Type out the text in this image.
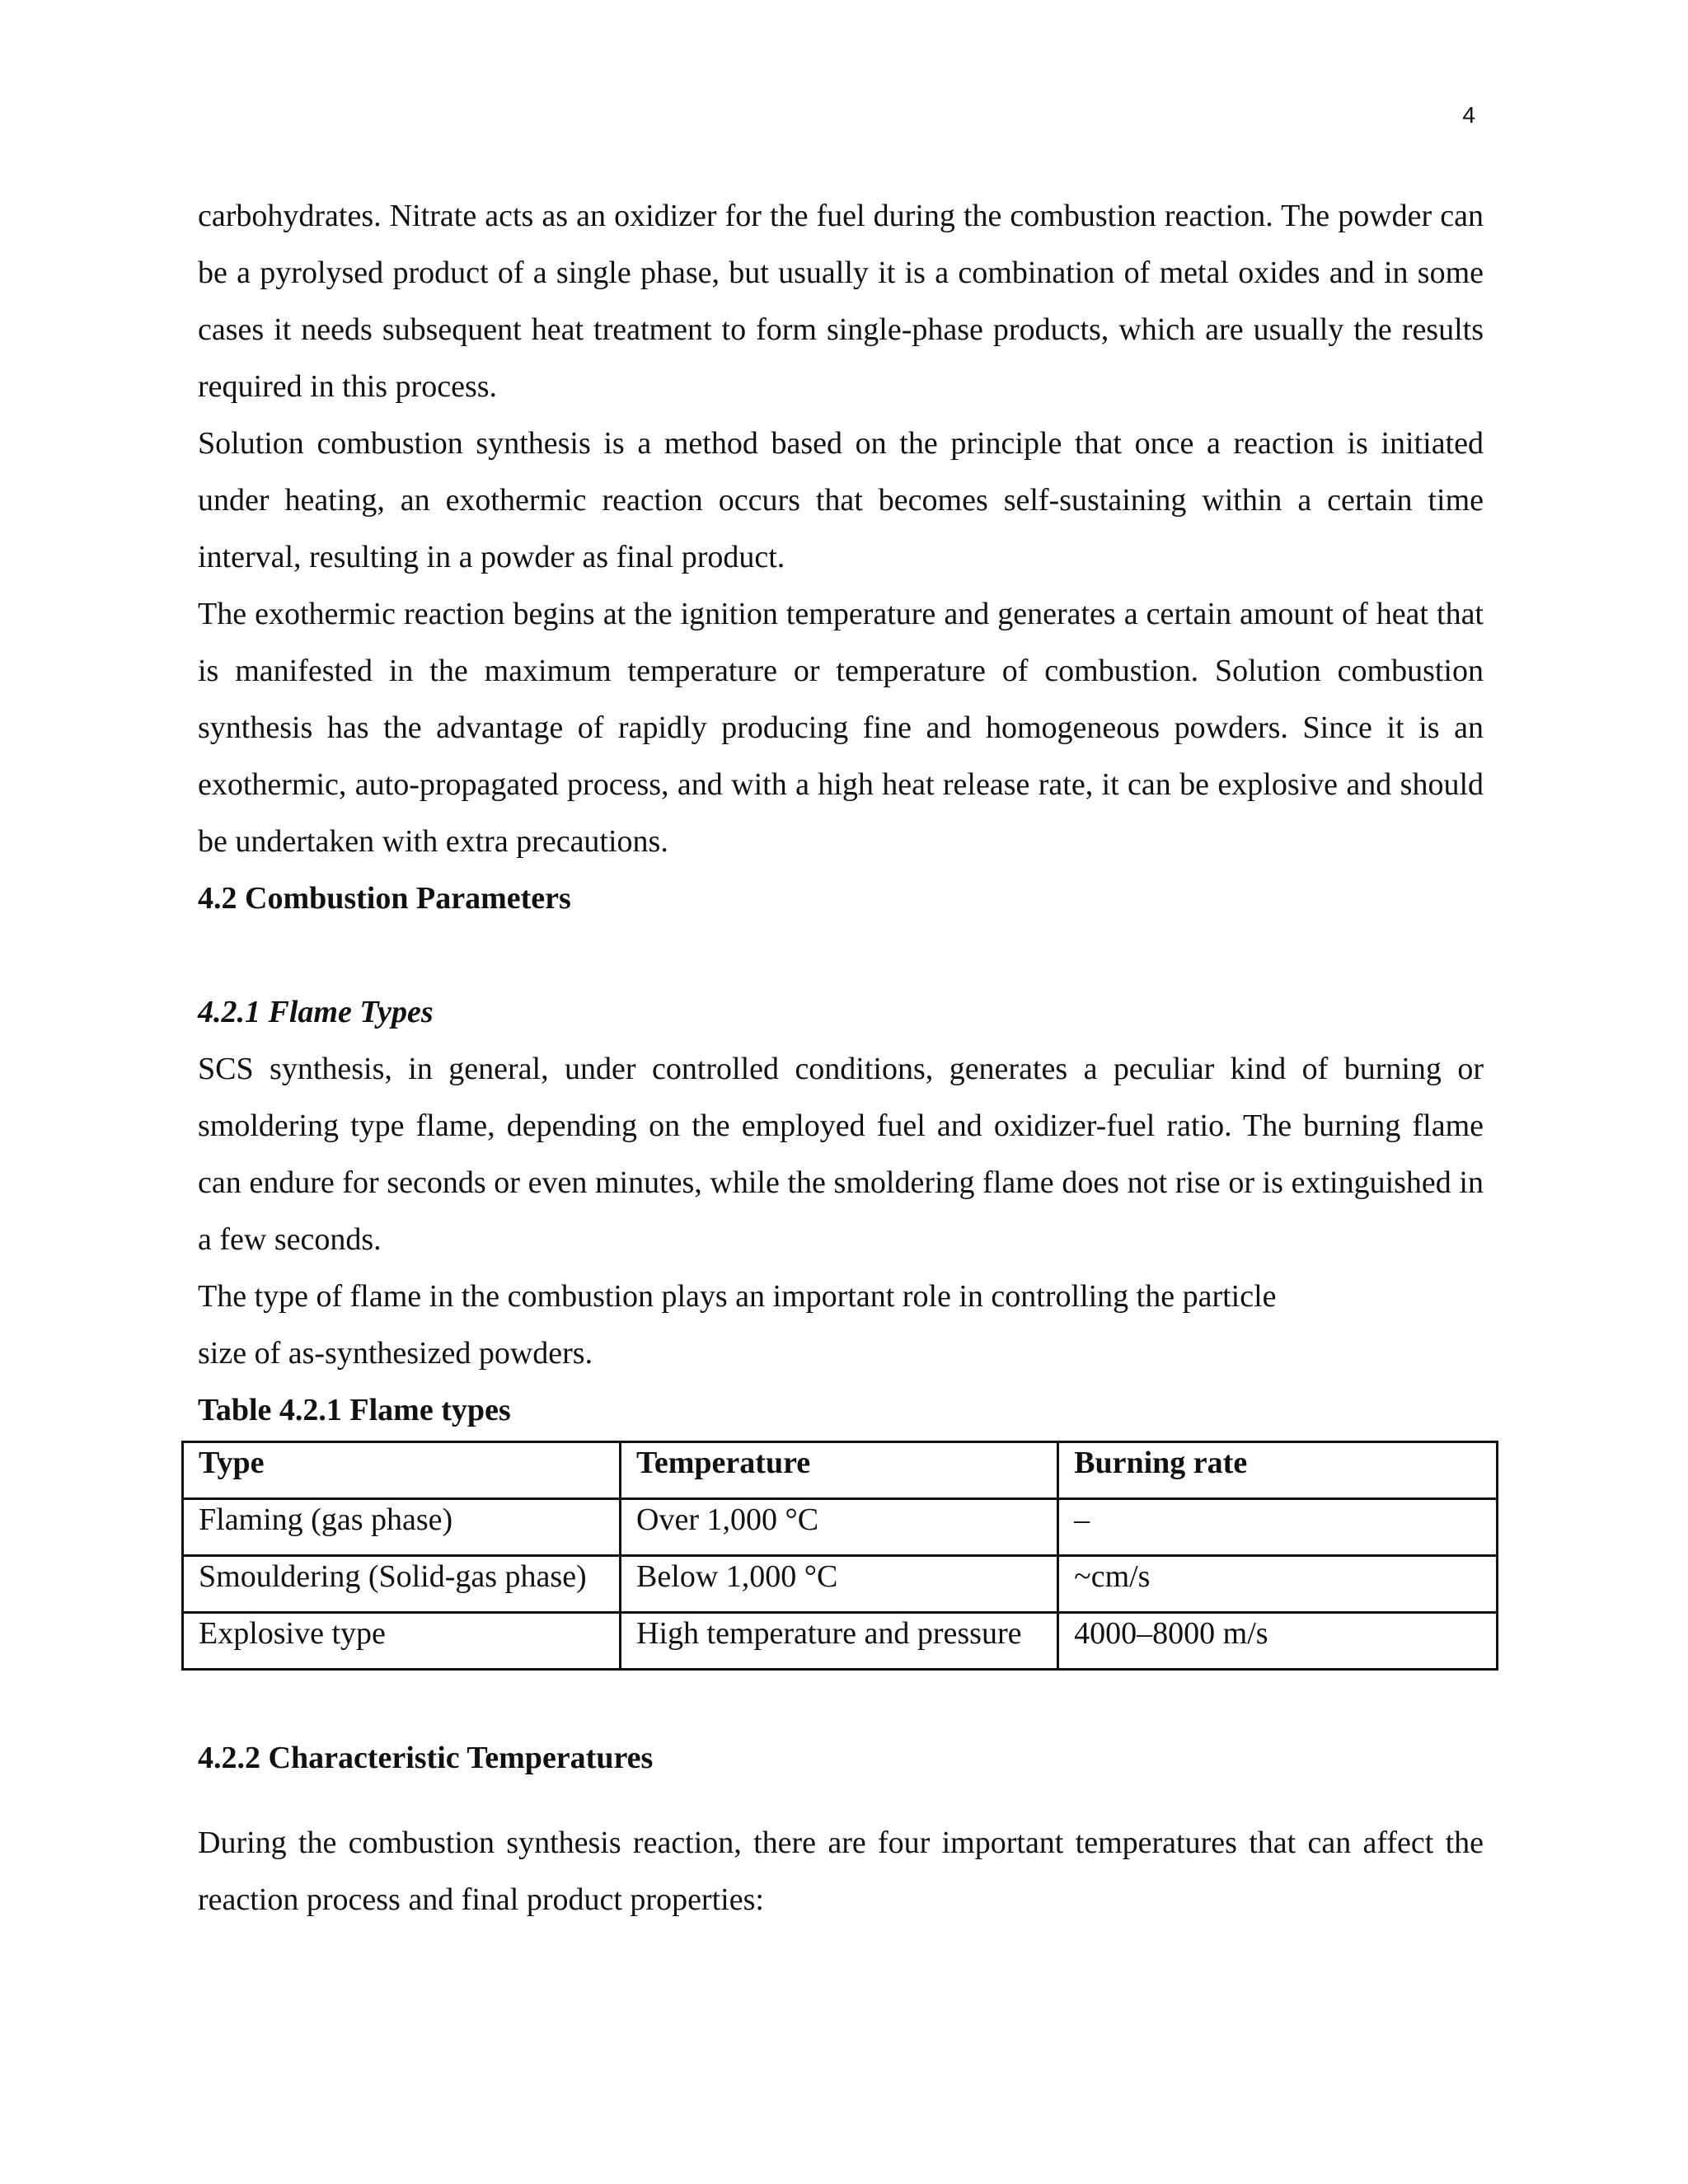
4

carbohydrates. Nitrate acts as an oxidizer for the fuel during the combustion reaction. The powder can be a pyrolysed product of a single phase, but usually it is a combination of metal oxides and in some cases it needs subsequent heat treatment to form single-phase products, which are usually the results required in this process.

Solution combustion synthesis is a method based on the principle that once a reaction is initiated under heating, an exothermic reaction occurs that becomes self-sustaining within a certain time interval, resulting in a powder as final product.

The exothermic reaction begins at the ignition temperature and generates a certain amount of heat that is manifested in the maximum temperature or temperature of combustion. Solution combustion synthesis has the advantage of rapidly producing fine and homogeneous powders. Since it is an exothermic, auto-propagated process, and with a high heat release rate, it can be explosive and should be undertaken with extra precautions.

4.2 Combustion Parameters
4.2.1 Flame Types

SCS synthesis, in general, under controlled conditions, generates a peculiar kind of burning or smoldering type flame, depending on the employed fuel and oxidizer-fuel ratio. The burning flame can endure for seconds or even minutes, while the smoldering flame does not rise or is extinguished in a few seconds.

The type of flame in the combustion plays an important role in controlling the particle

size of as-synthesized powders.

Table 4.2.1 Flame types

Type	Temperature	Burning rate
Flaming (gas phase)	Over 1,000 °C	–
Smouldering (Solid-gas phase)	Below 1,000 °C	~cm/s
Explosive type	High temperature and pressure	4000–8000 m/s
4.2.2 Characteristic Temperatures

During the combustion synthesis reaction, there are four important temperatures that can affect the reaction process and final product properties:
